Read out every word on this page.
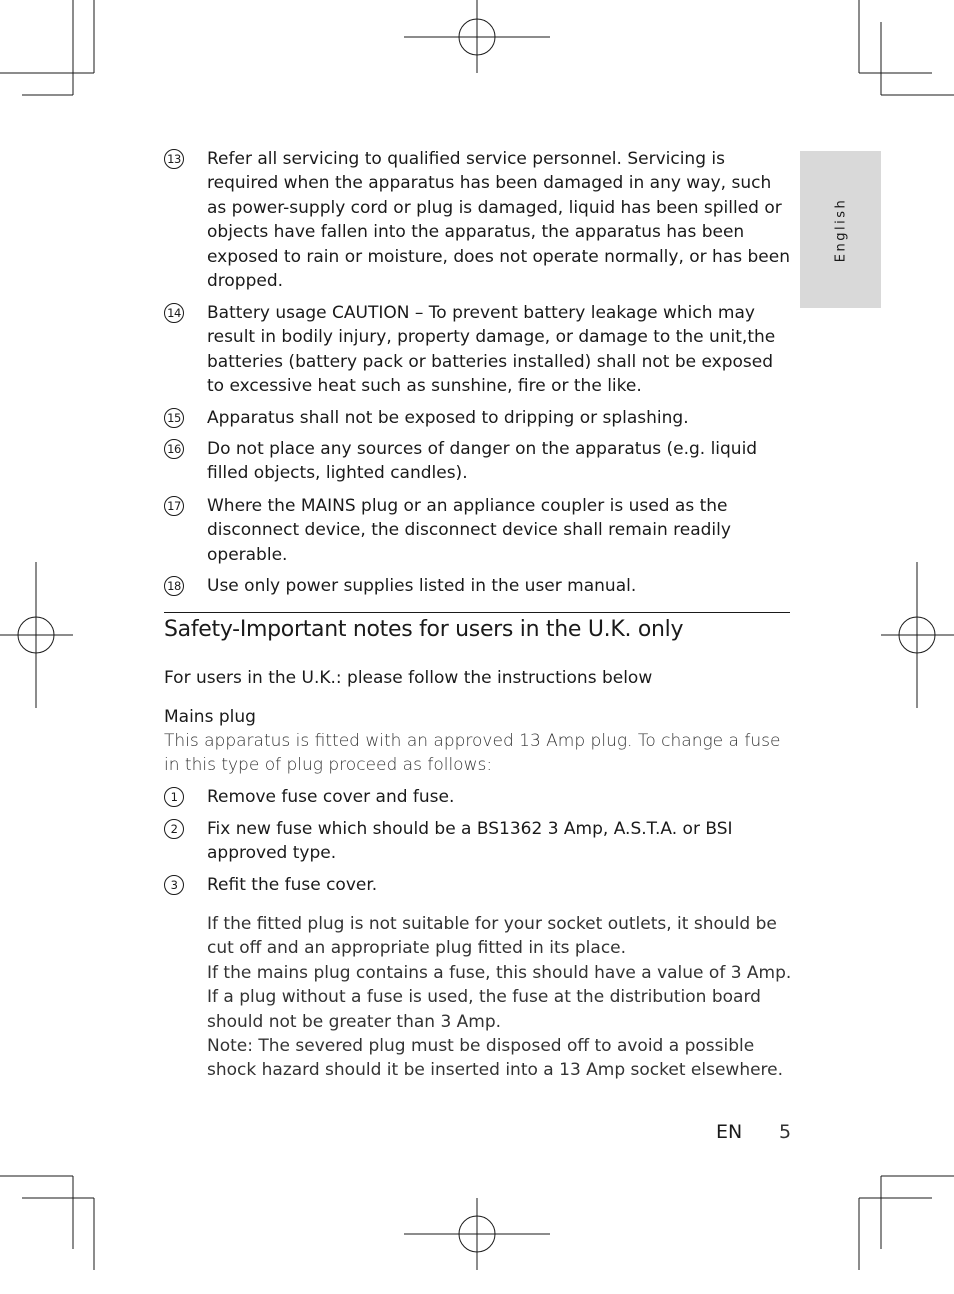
English
13 Refer all servicing to qualified service personnel. Servicing is required when the apparatus has been damaged in any way, such as power-supply cord or plug is damaged, liquid has been spilled or objects have fallen into the apparatus, the apparatus has been exposed to rain or moisture, does not operate normally, or has been dropped.
14 Battery usage CAUTION – To prevent battery leakage which may result in bodily injury, property damage, or damage to the unit,the batteries (battery pack or batteries installed) shall not be exposed to excessive heat such as sunshine, fire or the like.
15 Apparatus shall not be exposed to dripping or splashing.
16 Do not place any sources of danger on the apparatus (e.g. liquid filled objects, lighted candles).
17 Where the MAINS plug or an appliance coupler is used as the disconnect device, the disconnect device shall remain readily operable.
18 Use only power supplies listed in the user manual.
Safety-Important notes for users in the U.K. only
For users in the U.K.: please follow the instructions below
Mains plug
This apparatus is fitted with an approved 13 Amp plug. To change a fuse in this type of plug proceed as follows:
1	Remove fuse cover and fuse.
2	Fix new fuse which should be a BS1362 3 Amp, A.S.T.A. or BSI approved type.
3	Refit the fuse cover.

If the fitted plug is not suitable for your socket outlets, it should be cut off and an appropriate plug fitted in its place.

If the mains plug contains a fuse, this should have a value of 3 Amp. If a plug without a fuse is used, the fuse at the distribution board should not be greater than 3 Amp.

Note: The severed plug must be disposed off to avoid a possible shock hazard should it be inserted into a 13 Amp socket elsewhere.

EN 5
